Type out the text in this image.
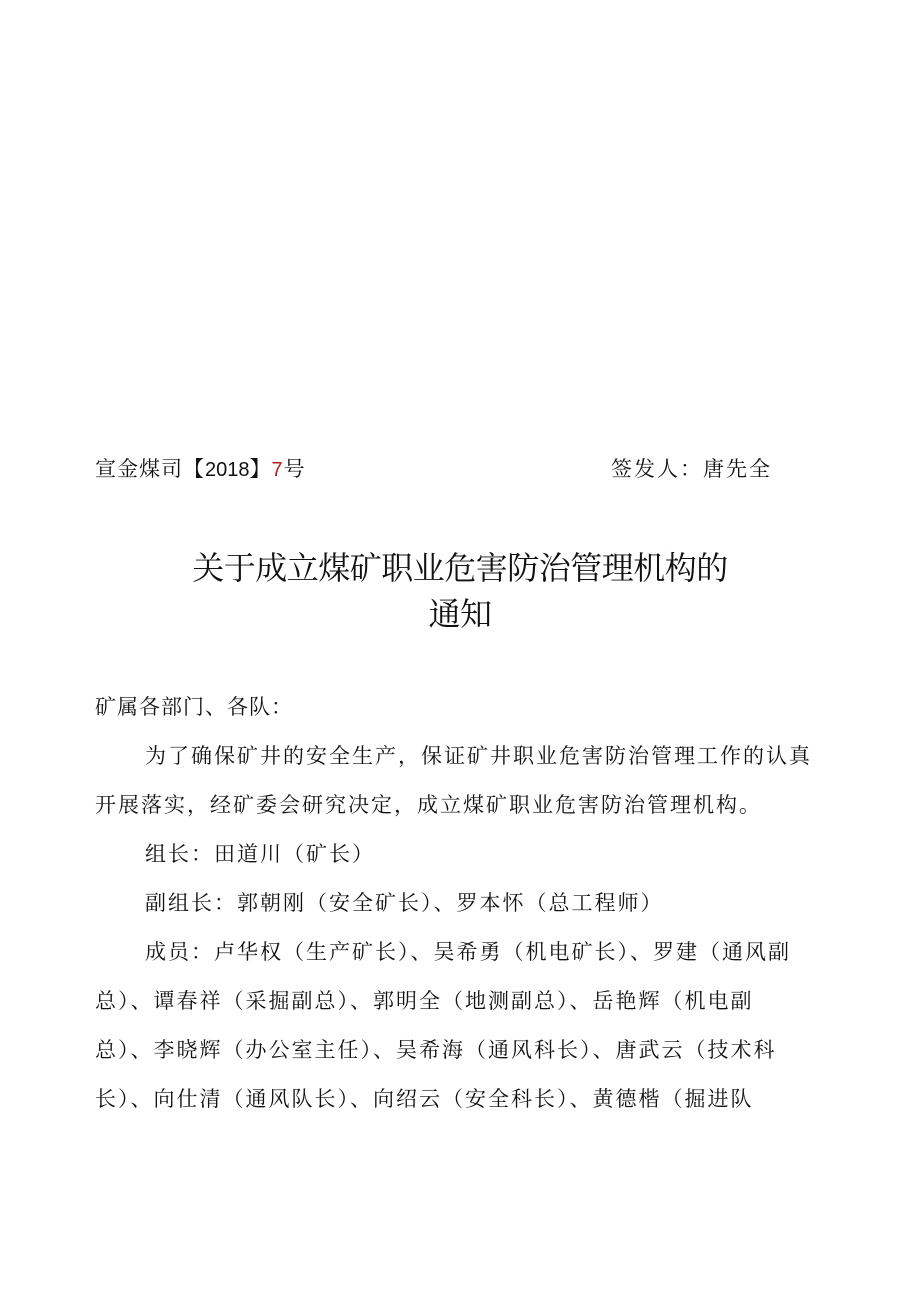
宣金煤司【2018】7号	签发人：唐先全
关于成立煤矿职业危害防治管理机构的
通知
矿属各部门、各队：
为了确保矿井的安全生产，保证矿井职业危害防治管理工作的认真
开展落实，经矿委会研究决定，成立煤矿职业危害防治管理机构。
组长：田道川（矿长）
副组长：郭朝刚（安全矿长）、罗本怀（总工程师）
成员：卢华权（生产矿长）、吴希勇（机电矿长）、罗建（通风副
总）、谭春祥（采掘副总）、郭明全（地测副总）、岳艳辉（机电副
总）、李晓辉（办公室主任）、吴希海（通风科长）、唐武云（技术科
长）、向仕清（通风队长）、向绍云（安全科长）、黄德楷（掘进队
